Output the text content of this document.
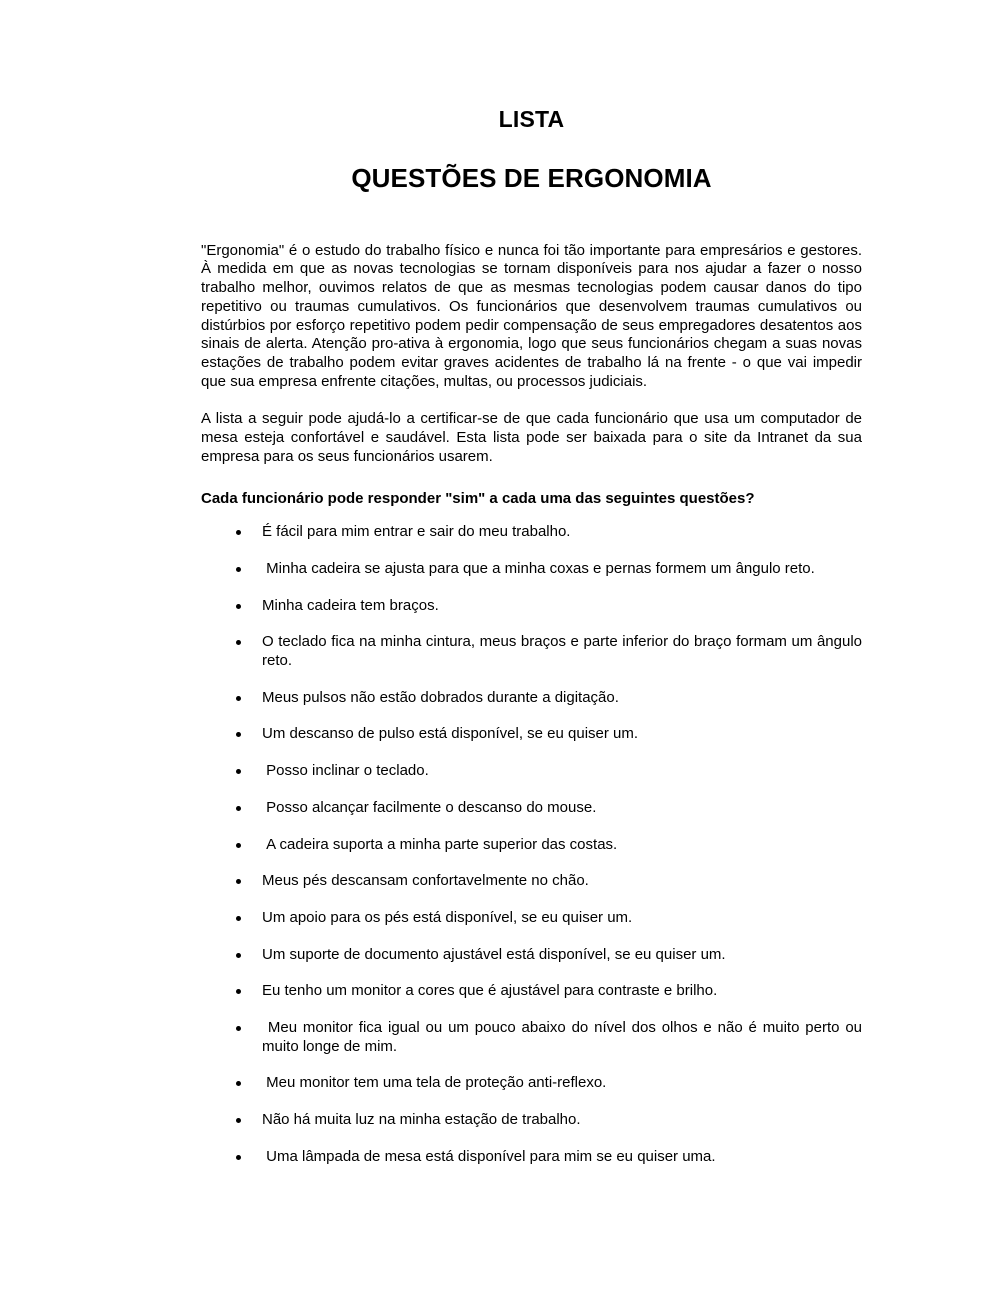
LISTA
QUESTÕES DE ERGONOMIA

"Ergonomia" é o estudo do trabalho físico e nunca foi tão importante para empresários e gestores. À medida em que as novas tecnologias se tornam disponíveis para nos ajudar a fazer o nosso trabalho melhor, ouvimos relatos de que as mesmas tecnologias podem causar danos do tipo repetitivo ou traumas cumulativos. Os funcionários que desenvolvem traumas cumulativos ou distúrbios por esforço repetitivo podem pedir compensação de seus empregadores desatentos aos sinais de alerta. Atenção pro-ativa à ergonomia, logo que seus funcionários chegam a suas novas estações de trabalho podem evitar graves acidentes de trabalho lá na frente - o que vai impedir que sua empresa enfrente citações, multas, ou processos judiciais.

A lista a seguir pode ajudá-lo a certificar-se de que cada funcionário que usa um computador de mesa esteja confortável e saudável. Esta lista pode ser baixada para o site da Intranet da sua empresa para os seus funcionários usarem.

Cada funcionário pode responder "sim" a cada uma das seguintes questões?

É fácil para mim entrar e sair do meu trabalho.
Minha cadeira se ajusta para que a minha coxas e pernas formem um ângulo reto.
Minha cadeira tem braços.
O teclado fica na minha cintura, meus braços e parte inferior do braço formam um ângulo reto.
Meus pulsos não estão dobrados durante a digitação.
Um descanso de pulso está disponível, se eu quiser um.
Posso inclinar o teclado.
Posso alcançar facilmente o descanso do mouse.
A cadeira suporta a minha parte superior das costas.
Meus pés descansam confortavelmente no chão.
Um apoio para os pés está disponível, se eu quiser um.
Um suporte de documento ajustável está disponível, se eu quiser um.
Eu tenho um monitor a cores que é ajustável para contraste e brilho.
Meu monitor fica igual ou um pouco abaixo do nível dos olhos e não é muito perto ou muito longe de mim.
Meu monitor tem uma tela de proteção anti-reflexo.
Não há muita luz na minha estação de trabalho.
Uma lâmpada de mesa está disponível para mim se eu quiser uma.
